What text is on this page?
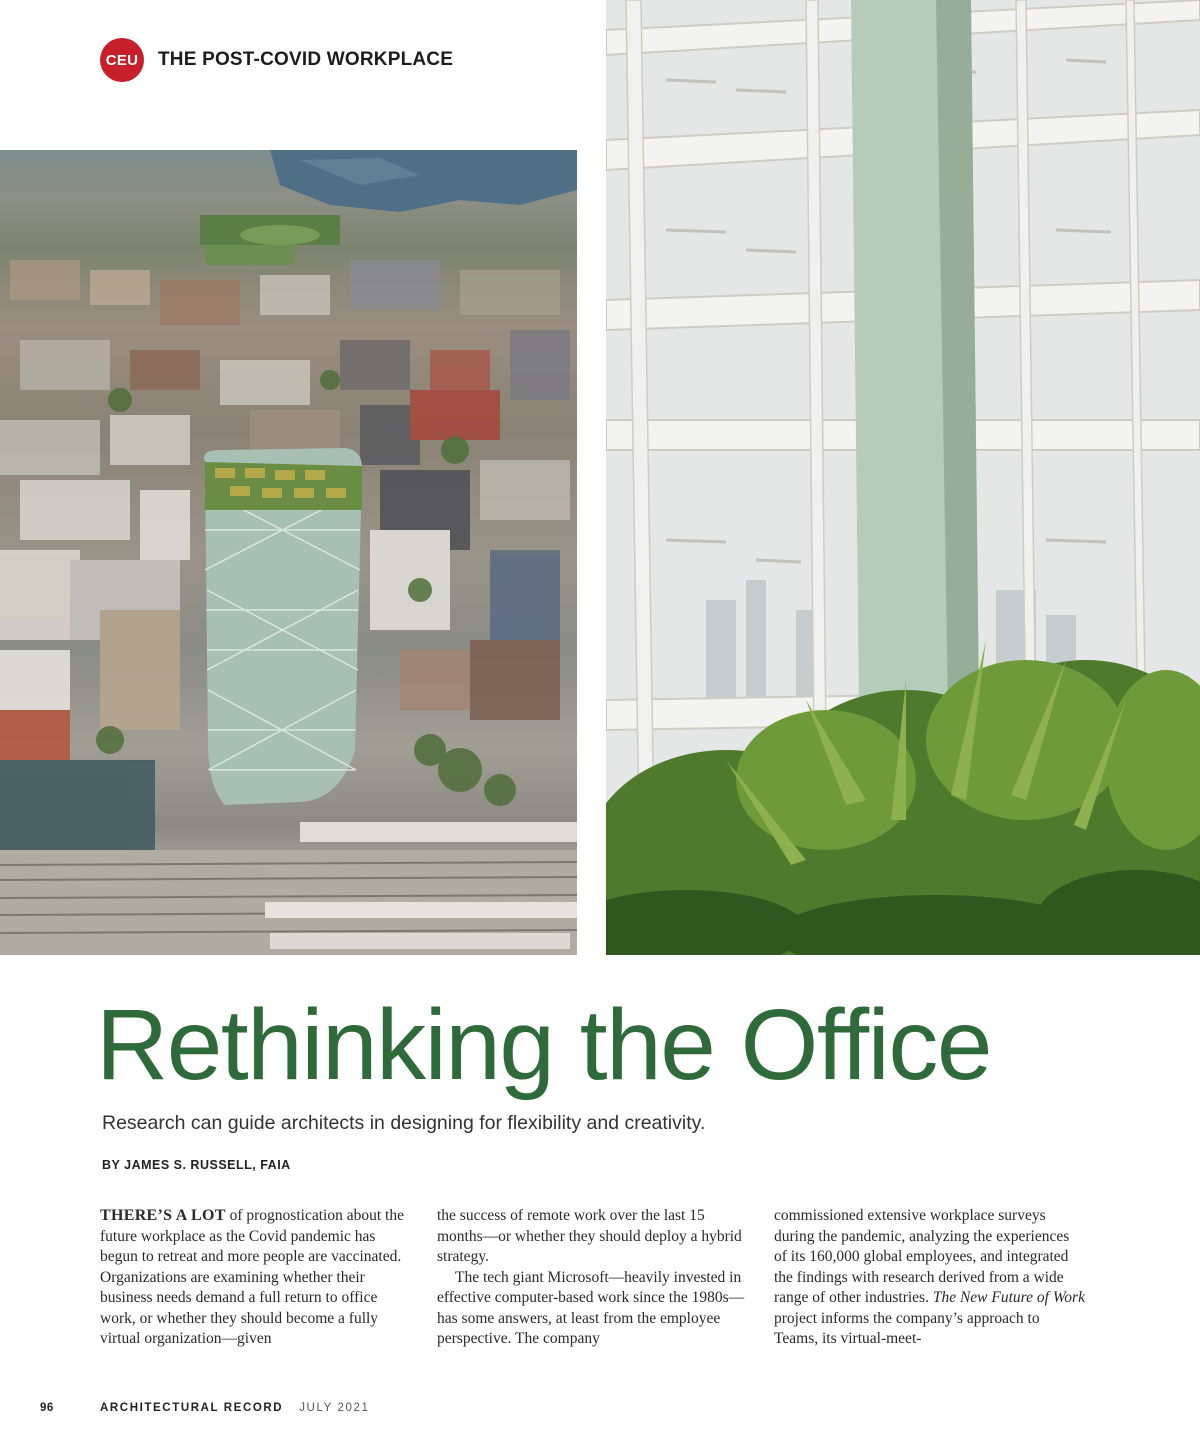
CEU	THE POST-COVID WORKPLACE
Rethinking the Office

Research can guide architects in designing for flexibility and creativity.

BY JAMES S. RUSSELL, FAIA

THERE’S A LOT of prognostication about the future workplace as the Covid pandemic has begun to retreat and more people are vaccinated. Organizations are examining whether their business needs demand a full return to office work, or whether they should become a fully virtual organization—given

the success of remote work over the last 15 months—or whether they should deploy a hybrid strategy.

The tech giant Microsoft—heavily invested in effective computer-based work since the 1980s—has some answers, at least from the employee perspective. The company

commissioned extensive workplace surveys during the pandemic, analyzing the experiences of its 160,000 global employees, and integrated the findings with research derived from a wide range of other industries. The New Future of Work project informs the company’s approach to Teams, its virtual-meet-

96	ARCHITECTURAL RECORD JULY 2021
